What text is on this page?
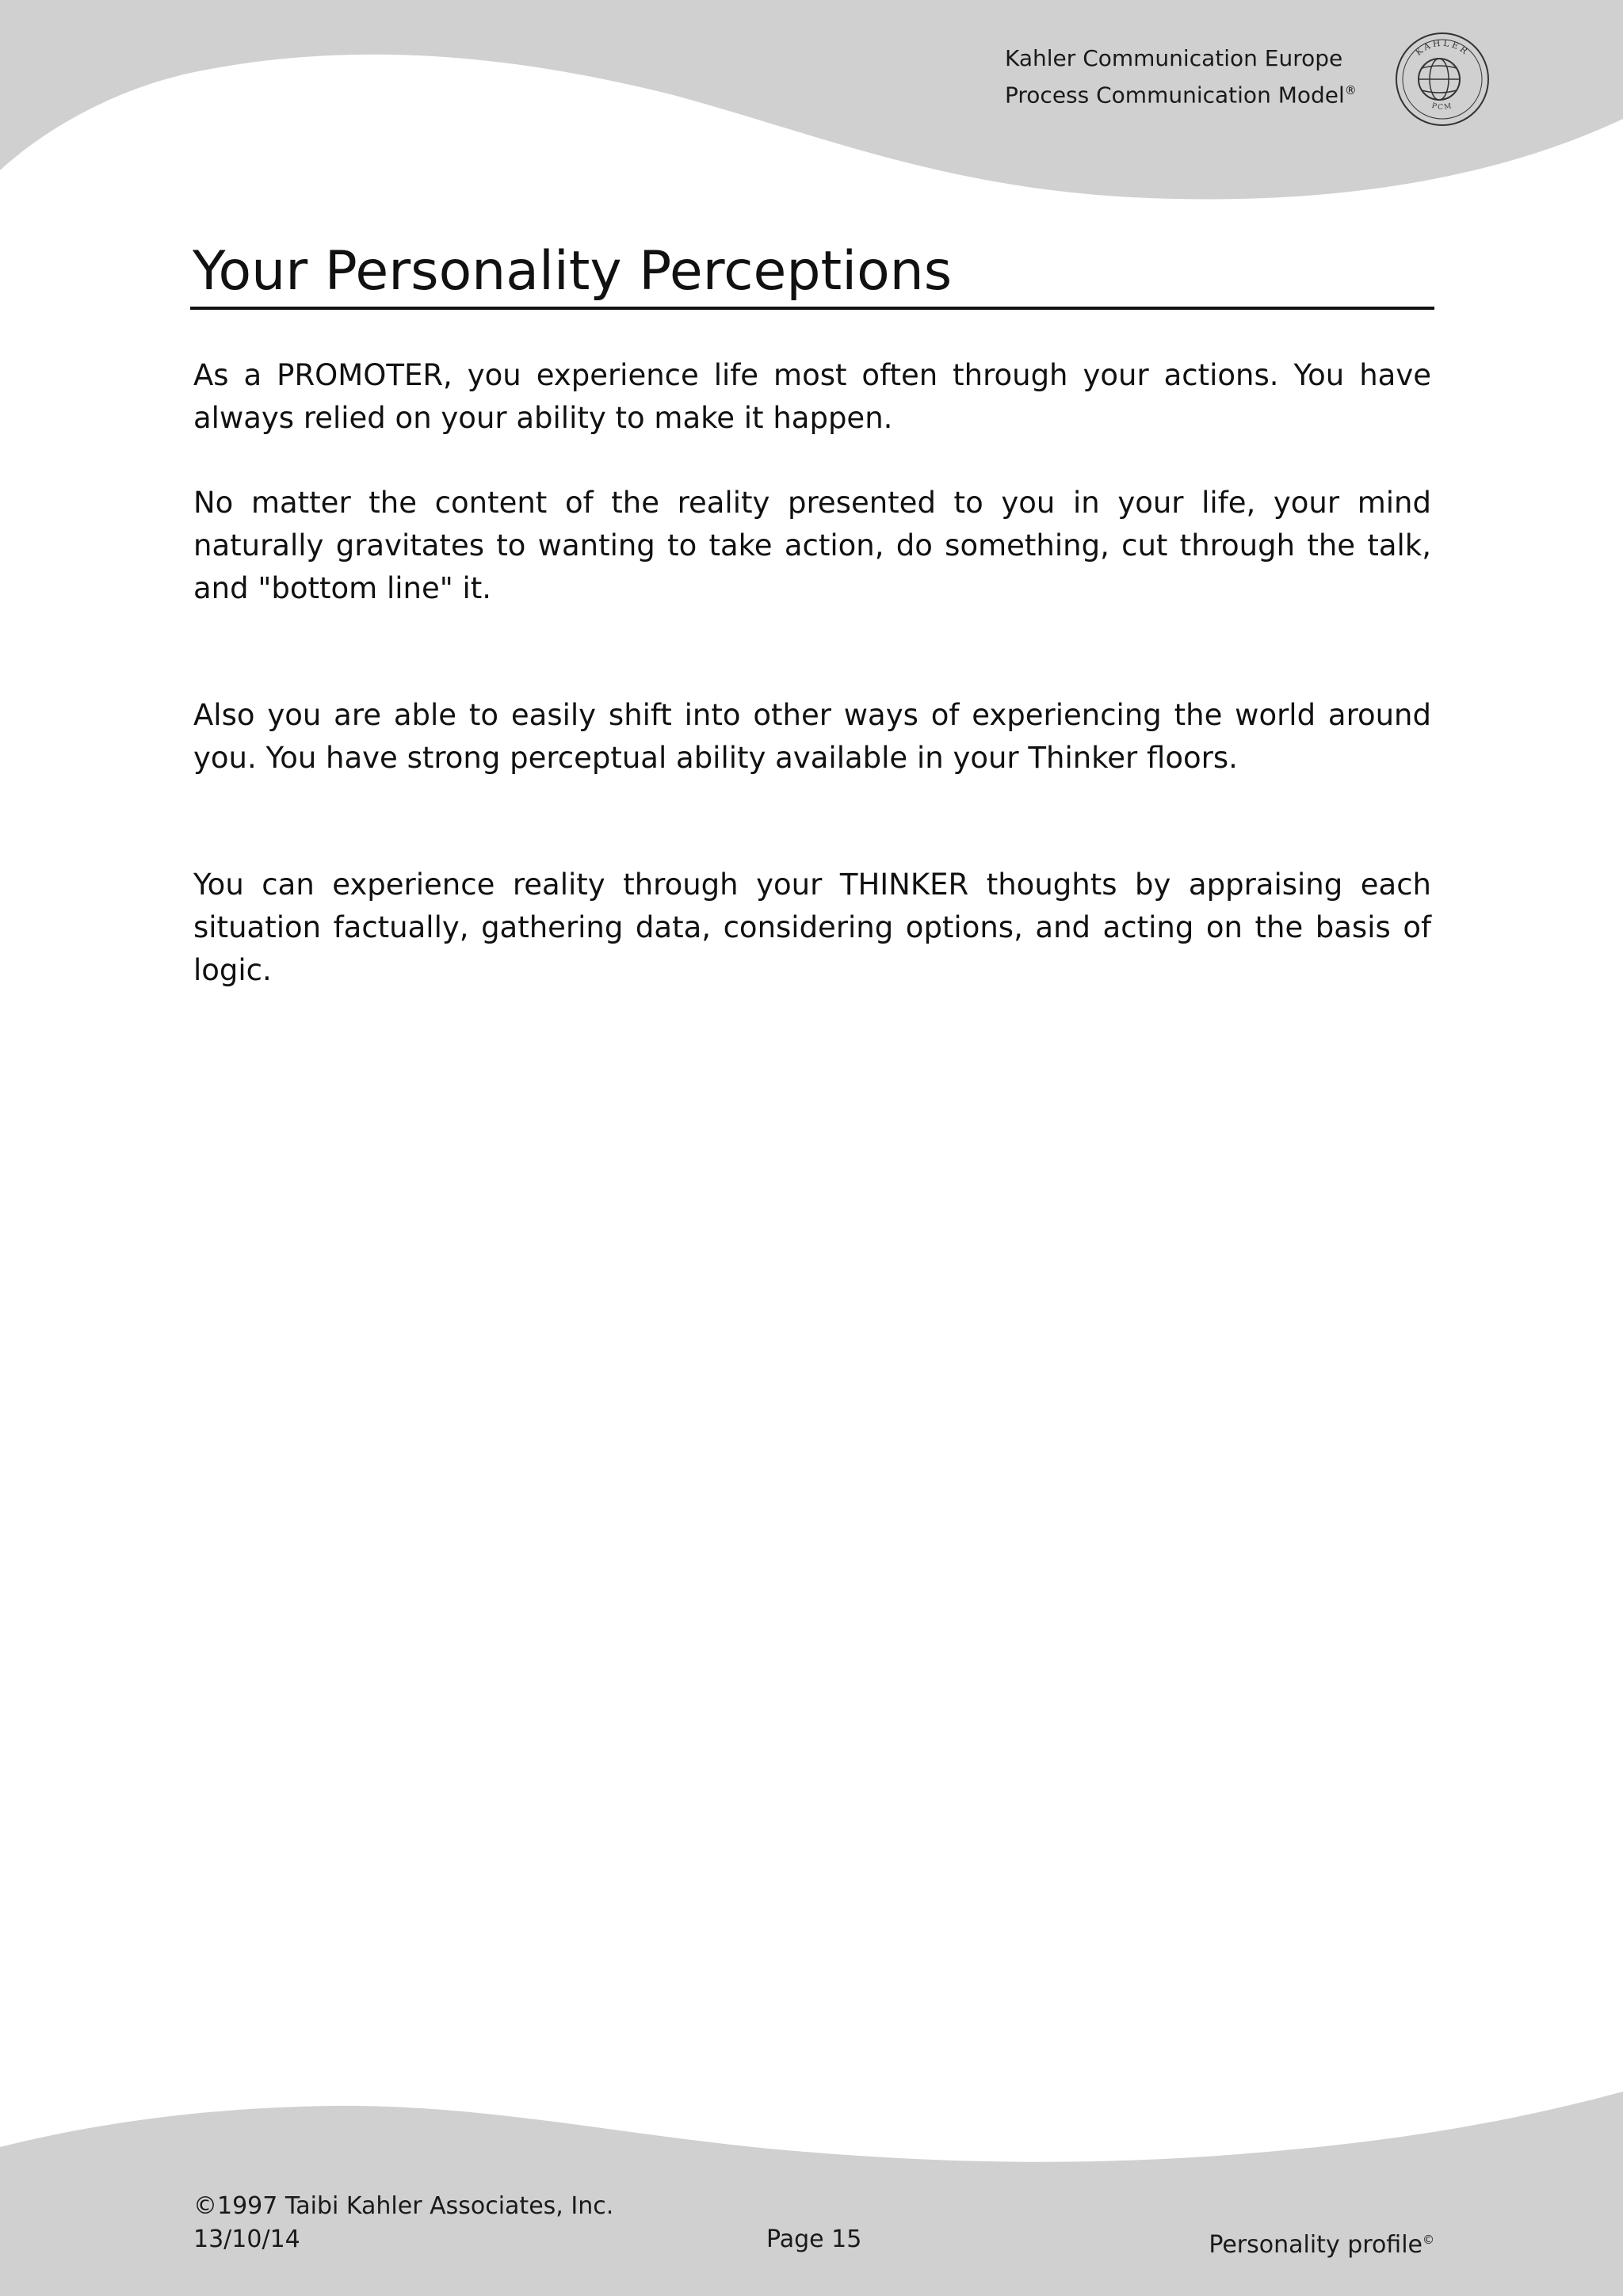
Kahler Communication Europe
Process Communication Model®
KAHLER
PCM
Your Personality Perceptions

As a PROMOTER, you experience life most often through your actions. You have always relied on your ability to make it happen.

No matter the content of the reality presented to you in your life, your mind naturally gravitates to wanting to take action, do something, cut through the talk, and "bottom line" it.

Also you are able to easily shift into other ways of experiencing the world around you. You have strong perceptual ability available in your Thinker floors.

You can experience reality through your THINKER thoughts by appraising each situation factually, gathering data, considering options, and acting on the basis of logic.

©1997 Taibi Kahler Associates, Inc.
13/10/14	Page 15	Personality profile©
